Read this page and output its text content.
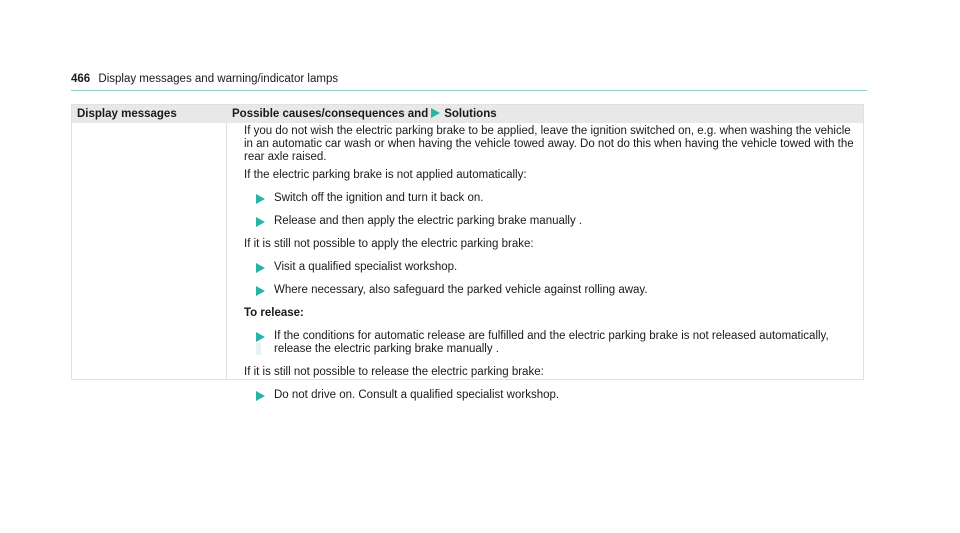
466 Display messages and warning/indicator lamps
Display messages	Possible causes/consequences and Solutions

If you do not wish the electric parking brake to be applied, leave the ignition switched on, e.g. when washing the vehicle in an automatic car wash or when having the vehicle towed away. Do not do this when having the vehicle towed with the rear axle raised.

If the electric parking brake is not applied automatically:

Switch off the ignition and turn it back on.
Release and then apply the electric parking brake manually .

If it is still not possible to apply the electric parking brake:

Visit a qualified specialist workshop.
Where necessary, also safeguard the parked vehicle against rolling away.

To release:

If the conditions for automatic release are fulfilled and the electric parking brake is not released automatically, release the electric parking brake manually .

If it is still not possible to release the electric parking brake:

Do not drive on. Consult a qualified specialist workshop.
